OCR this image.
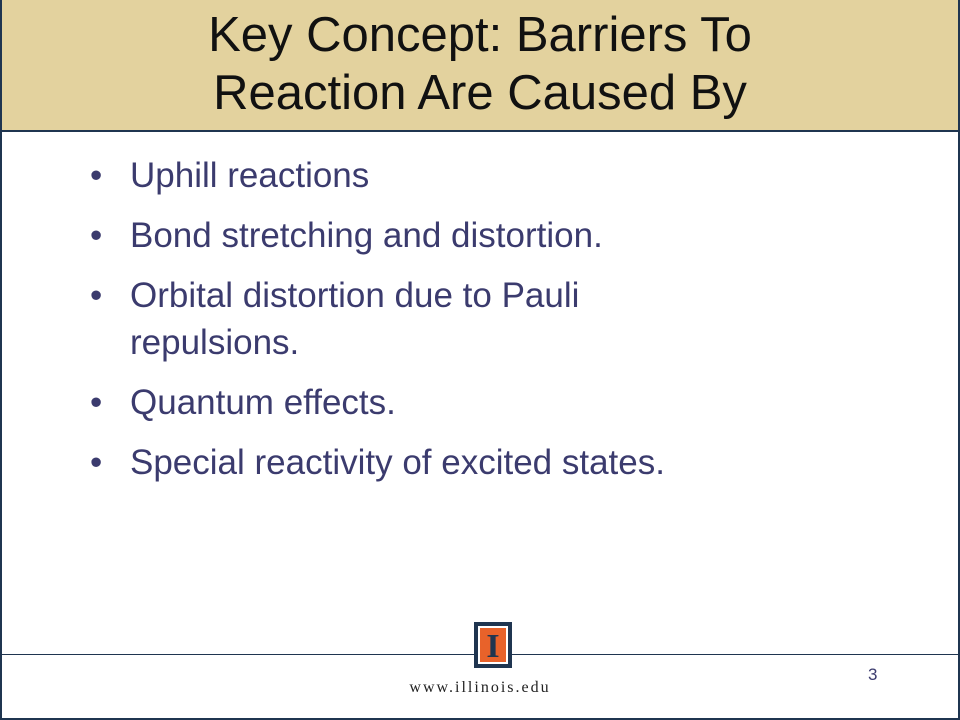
Key Concept: Barriers To
Reaction Are Caused By
• Uphill reactions
• Bond stretching and distortion.
• Orbital distortion due to Pauli
repulsions.
• Quantum effects.
• Special reactivity of excited states.
I
3
www.illinois.edu
